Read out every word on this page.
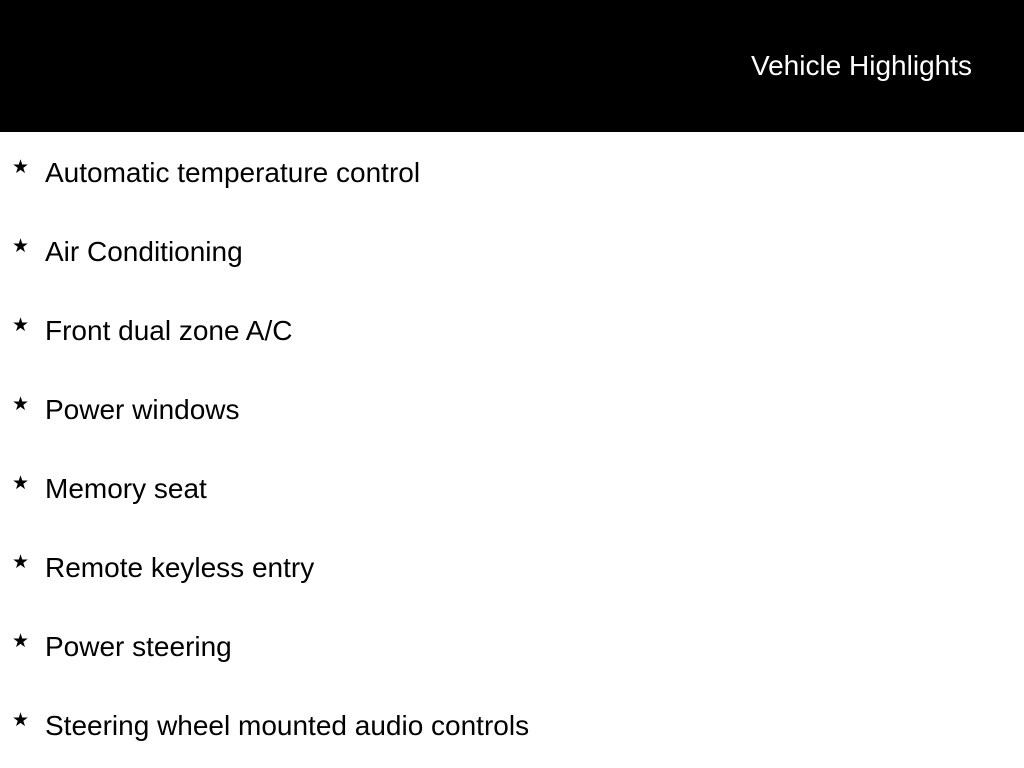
Vehicle Highlights
★ Automatic temperature control
★ Air Conditioning
★ Front dual zone A/C
★ Power windows
★ Memory seat
★ Remote keyless entry
★ Power steering
★ Steering wheel mounted audio controls
